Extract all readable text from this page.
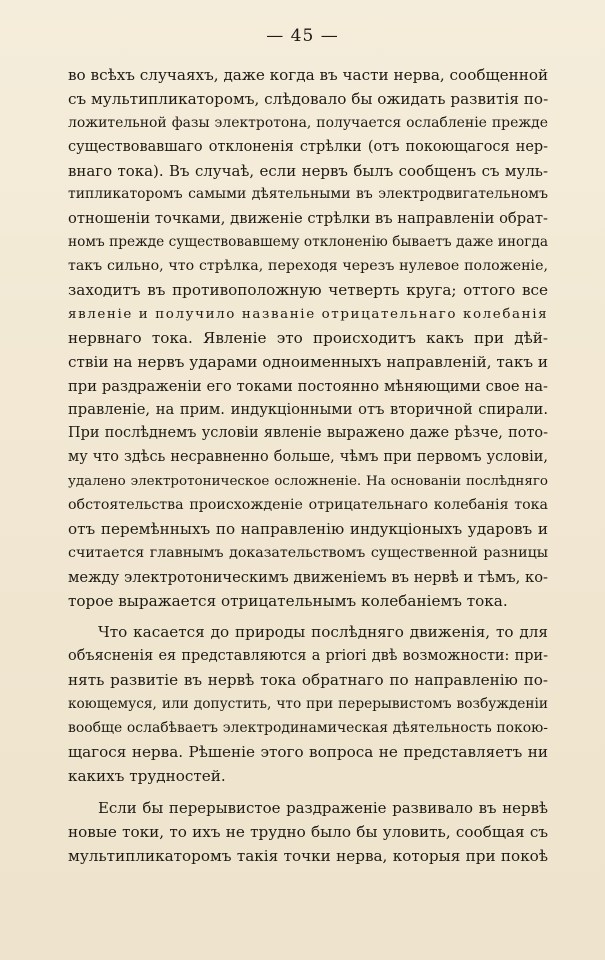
— 45 —
во всѣхъ случаяхъ, даже когда въ части нерва, сообщенной
съ мультипликаторомъ, слѣдовало бы ожидать развитія по-
ложительной фазы электротона, получается ослабленіе прежде
существовавшаго отклоненія стрѣлки (отъ покоющагося нер-
внаго тока). Въ случаѣ, если нервъ былъ сообщенъ съ муль-
типликаторомъ самыми дѣятельными въ электродвигательномъ
отношеніи точками, движеніе стрѣлки въ направленіи обрат-
номъ прежде существовавшему отклоненію бываетъ даже иногда
такъ сильно, что стрѣлка, переходя черезъ нулевое положеніе,
заходитъ въ противоположную четверть круга; оттого все
явленіе и получило названіе отрицательнаго колебанія
нервнаго тока. Явленіе это происходитъ какъ при дѣй-
ствіи на нервъ ударами одноименныхъ направленій, такъ и
при раздраженіи его токами постоянно мѣняющими свое на-
правленіе, на прим. индукціонными отъ вторичной спирали.
При послѣднемъ условіи явленіе выражено даже рѣзче, пото-
му что здѣсь несравненно больше, чѣмъ при первомъ условіи,
удалено электротоническое осложненіе. На основаніи послѣдняго
обстоятельства происхожденіе отрицательнаго колебанія тока
отъ перемѣнныхъ по направленію индукціоныхъ ударовъ и
считается главнымъ доказательствомъ существенной разницы
между электротоническимъ движеніемъ въ нервѣ и тѣмъ, ко-
торое выражается отрицательнымъ колебаніемъ тока.
Что касается до природы послѣдняго движенія, то для
объясненія ея представляются а priori двѣ возможности: при-
нять развитіе въ нервѣ тока обратнаго по направленію по-
коющемуся, или допустить, что при перерывистомъ возбужденіи
вообще ослабѣваетъ электродинамическая дѣятельность покою-
щагося нерва. Рѣшеніе этого вопроса не представляетъ ни
какихъ трудностей.
Если бы перерывистое раздраженіе развивало въ нервѣ
новые токи, то ихъ не трудно было бы уловить, сообщая съ
мультипликаторомъ такія точки нерва, которыя при покоѣ
